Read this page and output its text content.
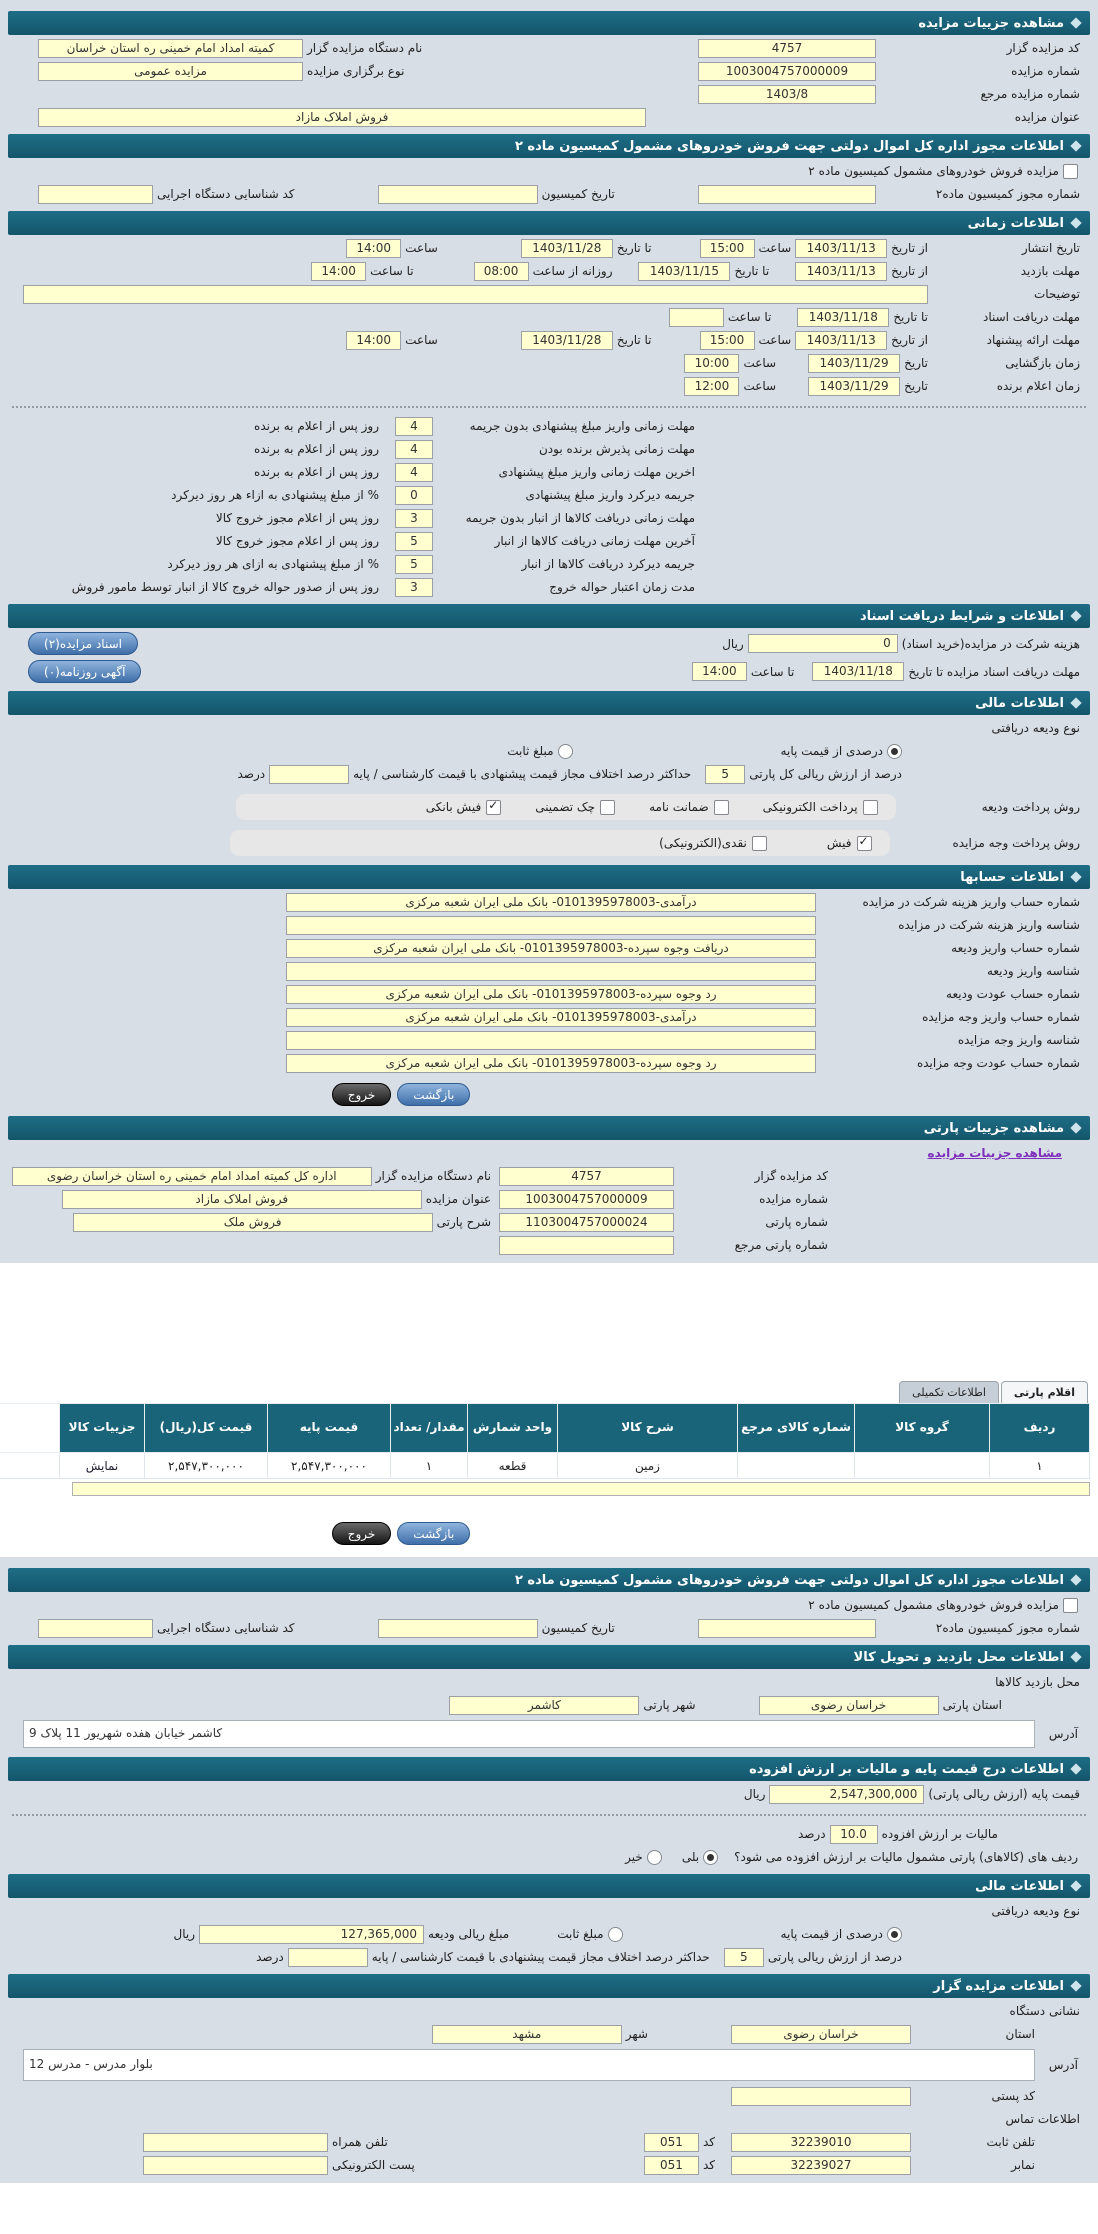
مشاهده جزییات مزایده
کد مزایده گزار
4757
نام دستگاه مزایده گزار
کمیته امداد امام خمینی ره استان خراسان
شماره مزایده
1003004757000009
نوع برگزاری مزایده
مزایده عمومی
شماره مزایده مرجع
1403/8
عنوان مزایده
فروش املاک مازاد
اطلاعات مجوز اداره کل اموال دولتی جهت فروش خودروهای مشمول کمیسیون ماده ۲
مزایده فروش خودروهای مشمول کمیسیون ماده ۲
شماره مجوز کمیسیون ماده۲
تاریخ کمیسیون
کد شناسایی دستگاه اجرایی
اطلاعات زمانی
تاریخ انتشار
از تاریخ
1403/11/13
ساعت
15:00
تا تاریخ
1403/11/28
ساعت
14:00
مهلت بازدید
از تاریخ
1403/11/13
تا تاریخ
1403/11/15
روزانه از ساعت
08:00
تا ساعت
14:00
توضیحات
مهلت دریافت اسناد
تا تاریخ
1403/11/18
تا ساعت
مهلت ارائه پیشنهاد
از تاریخ
1403/11/13
ساعت
15:00
تا تاریخ
1403/11/28
ساعت
14:00
زمان بازگشایی
تاریخ
1403/11/29
ساعت
10:00
زمان اعلام برنده
تاریخ
1403/11/29
ساعت
12:00
مهلت زمانی واریز مبلغ پیشنهادی بدون جریمه
4
روز پس از اعلام به برنده
مهلت زمانی پذیرش برنده بودن
4
روز پس از اعلام به برنده
اخرین مهلت زمانی واریز مبلغ پیشنهادی
4
روز پس از اعلام به برنده
جریمه دیرکرد واریز مبلغ پیشنهادی
0
% از مبلغ پیشنهادی به ازاء هر روز دیرکرد
مهلت زمانی دریافت کالاها از انبار بدون جریمه
3
روز پس از اعلام مجوز خروج کالا
آخرین مهلت زمانی دریافت کالاها از انبار
5
روز پس از اعلام مجوز خروج کالا
جریمه دیرکرد دریافت کالاها از انبار
5
% از مبلغ پیشنهادی به ازای هر روز دیرکرد
مدت زمان اعتبار حواله خروج
3
روز پس از صدور حواله خروج کالا از انبار توسط مامور فروش
اطلاعات و شرایط دریافت اسناد
هزینه شرکت در مزایده(خرید اسناد)
0
ریال
اسناد مزایده(۲)
مهلت دریافت اسناد مزایده تا تاریخ
1403/11/18
تا ساعت
14:00
آگهی روزنامه(۰)
اطلاعات مالی
نوع ودیعه دریافتی
درصدی از قیمت پایه
مبلغ ثابت
درصد از ارزش ریالی کل پارتی
5
حداکثر درصد اختلاف مجاز قیمت پیشنهادی با قیمت کارشناسی / پایه
درصد
روش پرداخت ودیعه
پرداخت الکترونیکی
ضمانت نامه
چک تضمینی
✓
فیش بانکی
روش پرداخت وجه مزایده
✓
فیش
نقدی(الکترونیکی)
اطلاعات حسابها
شماره حساب واریز هزینه شرکت در مزایده
درآمدی-0101395978003- بانک ملی ایران شعبه مرکزی
شناسه واریز هزینه شرکت در مزایده
شماره حساب واریز ودیعه
دریافت وجوه سپرده-0101395978003- بانک ملی ایران شعبه مرکزی
شناسه واریز ودیعه
شماره حساب عودت ودیعه
رد وجوه سپرده-0101395978003- بانک ملی ایران شعبه مرکزی
شماره حساب واریز وجه مزایده
درآمدی-0101395978003- بانک ملی ایران شعبه مرکزی
شناسه واریز وجه مزایده
شماره حساب عودت وجه مزایده
رد وجوه سپرده-0101395978003- بانک ملی ایران شعبه مرکزی
بازگشت
خروج
مشاهده جزییات پارتی
مشاهده جزییات مزایده
کد مزایده گزار
4757
نام دستگاه مزایده گزار
اداره کل کمیته امداد امام خمینی ره استان خراسان رضوی
شماره مزایده
1003004757000009
عنوان مزایده
فروش املاک مازاد
شماره پارتی
1103004757000024
شرح پارتی
فروش ملک
شماره پارتی مرجع
اقلام پارتی
اطلاعات تکمیلی
ردیف	گروه کالا	شماره کالای مرجع	شرح کالا	واحد شمارش	مقدار/ تعداد	قیمت پایه	قیمت کل(ریال)	جزییات کالا	
۱			زمین	قطعه	۱	۲,۵۴۷,۳۰۰,۰۰۰	۲,۵۴۷,۳۰۰,۰۰۰	نمایش	
بازگشت
خروج
اطلاعات مجوز اداره کل اموال دولتی جهت فروش خودروهای مشمول کمیسیون ماده ۲
مزایده فروش خودروهای مشمول کمیسیون ماده ۲
شماره مجوز کمیسیون ماده۲
تاریخ کمیسیون
کد شناسایی دستگاه اجرایی
اطلاعات محل بازدید و تحویل کالا
محل بازدید کالاها
استان پارتی
خراسان رضوی
شهر پارتی
کاشمر
آدرس
کاشمر خیابان هفده شهریور 11 پلاک 9
اطلاعات درج قیمت پایه و مالیات بر ارزش افزوده
قیمت پایه (ارزش ریالی پارتی)
2,547,300,000
ریال
مالیات بر ارزش افزوده
10.0
درصد
ردیف های (کالاهای) پارتی مشمول مالیات بر ارزش افزوده می شود؟
بلی
خیر
اطلاعات مالی
نوع ودیعه دریافتی
درصدی از قیمت پایه
مبلغ ثابت
مبلغ ریالی ودیعه
127,365,000
ریال
درصد از ارزش ریالی پارتی
5
حداکثر درصد اختلاف مجاز قیمت پیشنهادی با قیمت کارشناسی / پایه
درصد
اطلاعات مزایده گزار
نشانی دستگاه
استان
خراسان رضوی
شهر
مشهد
آدرس
بلوار مدرس - مدرس 12
کد پستی
اطلاعات تماس
تلفن ثابت
32239010
کد
051
تلفن همراه
نمابر
32239027
کد
051
پست الکترونیکی
